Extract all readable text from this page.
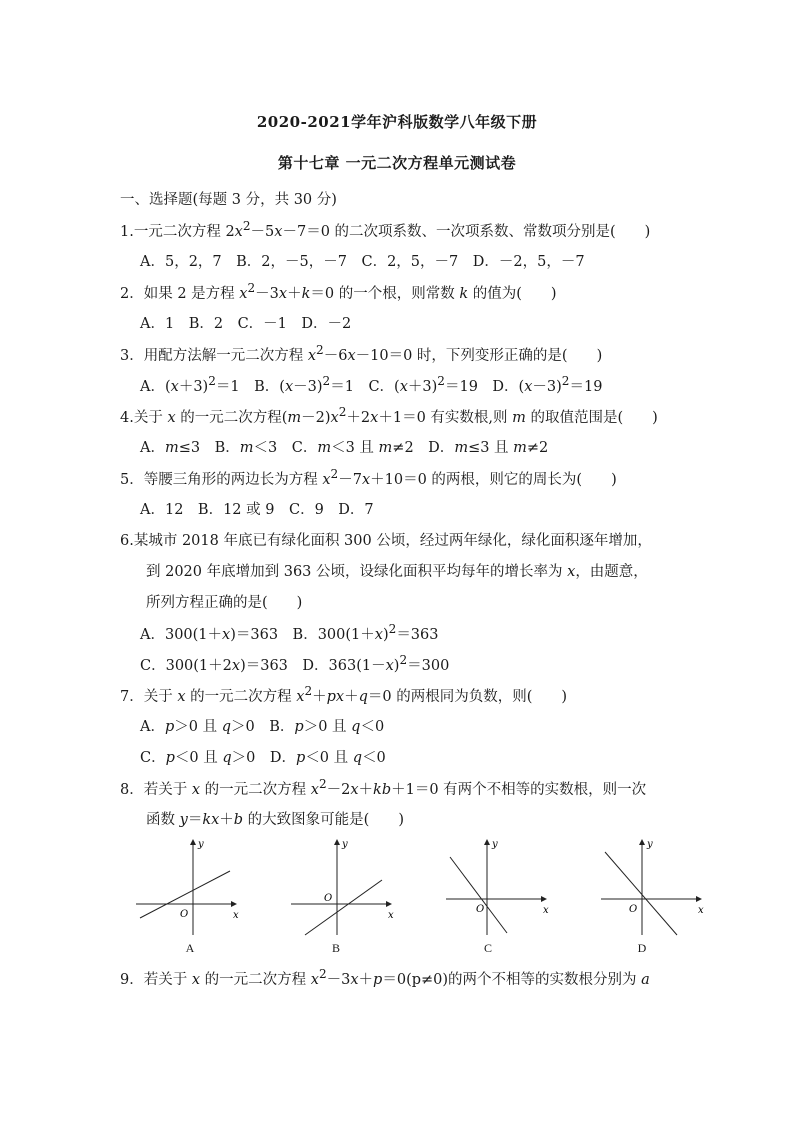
2020-2021学年沪科版数学八年级下册
第十七章 一元二次方程单元测试卷
一、选择题(每题 3 分，共 30 分)
1.一元二次方程 $2x^2-5x-7=0$ 的二次项系数、一次项系数、常数项分别是(　　)
A．5，2，7　B．2，－5，－7　C．2，5，－7　D．－2，5，－7
2．如果 2 是方程 $x^2-3x+k=0$ 的一个根，则常数 k 的值为(　　)
A．1　B．2　C．－1　D．－2
3．用配方法解一元二次方程 $x^2-6x-10=0$ 时，下列变形正确的是(　　)
A．$(x+3)^2=1$　B．$(x-3)^2=1$　C．$(x+3)^2=19$　D．$(x-3)^2=19$
4.关于 x 的一元二次方程$(m-2)x^2+2x+1=0$ 有实数根,则 m 的取值范围是(　　)
A．m≤3　B．m＜3　C．m＜3 且 m≠2　D．m≤3 且 m≠2
5．等腰三角形的两边长为方程 $x^2-7x+10=0$ 的两根，则它的周长为(　　)
A．12　B．12 或 9　C．9　D．7
6.某城市 2018 年底已有绿化面积 300 公顷，经过两年绿化，绿化面积逐年增加，
到 2020 年底增加到 363 公顷，设绿化面积平均每年的增长率为 x，由题意，
所列方程正确的是(　　)
A．300(1＋x)＝363　B．$300(1+x)^2=363$
C．300(1＋2x)＝363　D．$363(1-x)^2=300$
7．关于 x 的一元二次方程 $x^2+px+q=0$ 的两根同为负数，则(　　)
A．p＞0 且 q＞0　B．p＞0 且 q＜0
C．p＜0 且 q＞0　D．p＜0 且 q＜0
8．若关于 x 的一元二次方程 $x^2-2x+kb+1=0$ 有两个不相等的实数根，则一次
函数 y＝kx＋b 的大致图象可能是(　　)
y
x
O
A
y
x
O
B
y
x
O
C
y
x
O
D
9．若关于 x 的一元二次方程 $x^2-3x+p=0(p\ne 0)$的两个不相等的实数根分别为 a
